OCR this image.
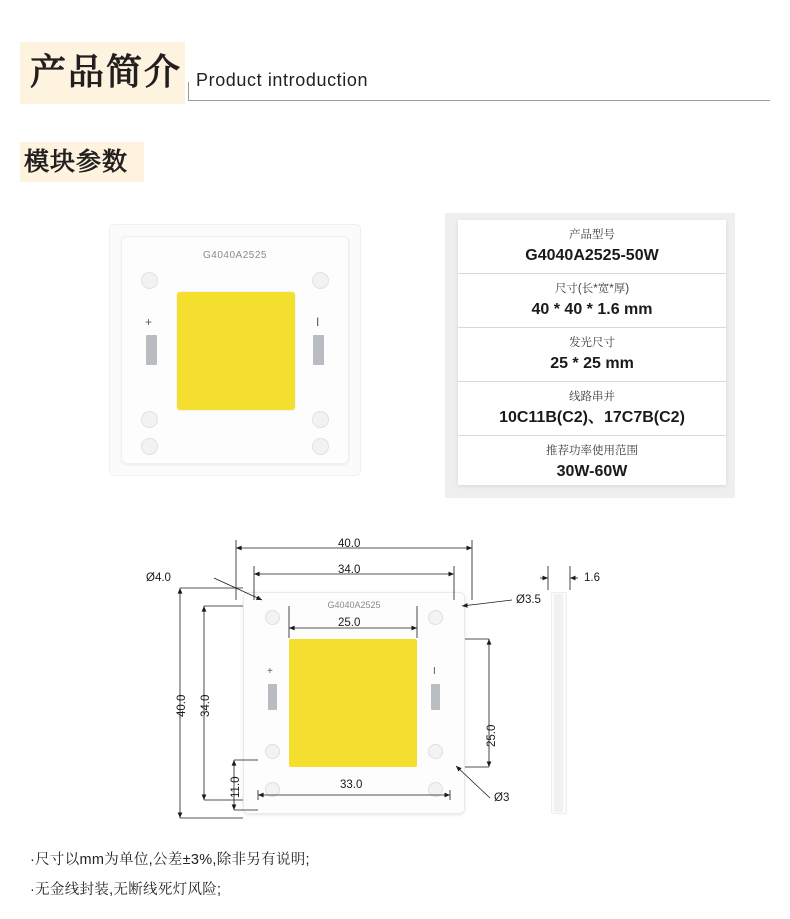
产品简介 Product introduction
模块参数
G4040A2525
+	I
产品型号
G4040A2525-50W
尺寸(长*宽*厚)
40 * 40 * 1.6 mm
发光尺寸
25 * 25 mm
线路串并
10C11B(C2)、17C7B(C2)
推荐功率使用范围
30W-60W
G4040A2525
+	I
40.0
34.0
25.0
Ø4.0
Ø3.5
Ø3
1.6
33.0
40.0 34.0
25.0
11.0
·尺寸以mm为单位,公差±3%,除非另有说明;
·无金线封装,无断线死灯风险;
